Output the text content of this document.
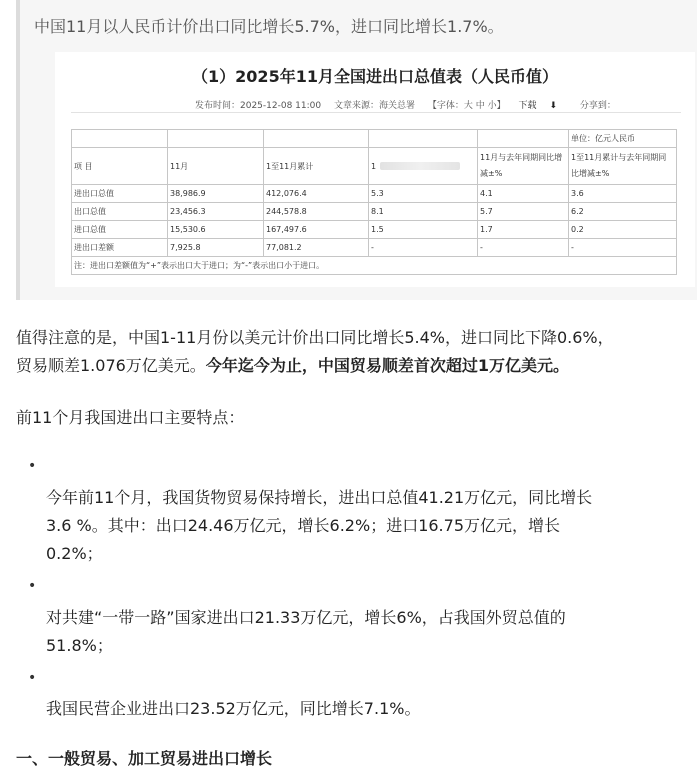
中国11月以人民币计价出口同比增长5.7%，进口同比增长1.7%。
（1）2025年11月全国进出口总值表（人民币值）
发布时间：2025-12-08 11:00 文章来源：海关总署 【字体：大 中 小】 下载 ⬇	分享到：
					单位：亿元人民币
项 目	11月	1至11月累计	1	11月与去年同期同比增减±%	1至11月累计与去年同期同比增减±%
进出口总值	38,986.9	412,076.4	5.3	4.1	3.6
出口总值	23,456.3	244,578.8	8.1	5.7	6.2
进口总值	15,530.6	167,497.6	1.5	1.7	0.2
进出口差额	7,925.8	77,081.2	-	-	-
注：进出口差额值为“+”表示出口大于进口；为“-”表示出口小于进口。					
值得注意的是，中国1-11月份以美元计价出口同比增长5.4%，进口同比下降0.6%，
贸易顺差1.076万亿美元。今年迄今为止，中国贸易顺差首次超过1万亿美元。
前11个月我国进出口主要特点：
•
今年前11个月，我国货物贸易保持增长，进出口总值41.21万亿元，同比增长
3.6 %。其中：出口24.46万亿元，增长6.2%；进口16.75万亿元，增长
0.2%；
•
对共建“一带一路”国家进出口21.33万亿元，增长6%，占我国外贸总值的
51.8%；
•
我国民营企业进出口23.52万亿元，同比增长7.1%。
一、一般贸易、加工贸易进出口增长
